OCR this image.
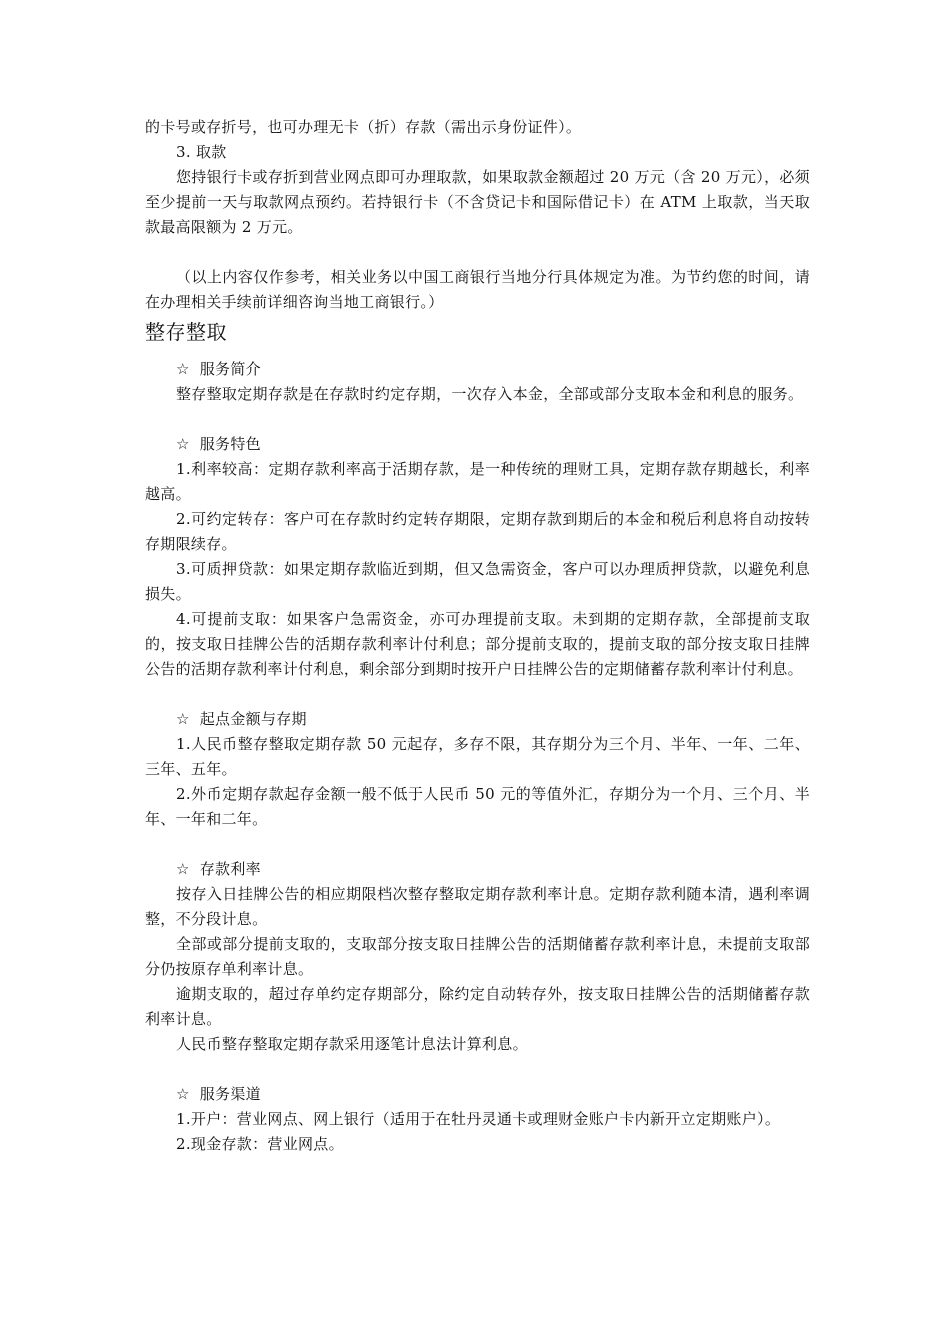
的卡号或存折号，也可办理无卡（折）存款（需出示身份证件）。

3. 取款

您持银行卡或存折到营业网点即可办理取款，如果取款金额超过 20 万元（含 20 万元），必须至少提前一天与取款网点预约。若持银行卡（不含贷记卡和国际借记卡）在 ATM 上取款，当天取款最高限额为 2 万元。

（以上内容仅作参考，相关业务以中国工商银行当地分行具体规定为准。为节约您的时间，请在办理相关手续前详细咨询当地工商银行。）

整存整取

☆ 服务简介

整存整取定期存款是在存款时约定存期，一次存入本金，全部或部分支取本金和利息的服务。

☆ 服务特色

1.利率较高：定期存款利率高于活期存款，是一种传统的理财工具，定期存款存期越长，利率越高。

2.可约定转存：客户可在存款时约定转存期限，定期存款到期后的本金和税后利息将自动按转存期限续存。

3.可质押贷款：如果定期存款临近到期，但又急需资金，客户可以办理质押贷款，以避免利息损失。

4.可提前支取：如果客户急需资金，亦可办理提前支取。未到期的定期存款，全部提前支取的，按支取日挂牌公告的活期存款利率计付利息；部分提前支取的，提前支取的部分按支取日挂牌公告的活期存款利率计付利息，剩余部分到期时按开户日挂牌公告的定期储蓄存款利率计付利息。

☆ 起点金额与存期

1.人民币整存整取定期存款 50 元起存，多存不限，其存期分为三个月、半年、一年、二年、三年、五年。

2.外币定期存款起存金额一般不低于人民币 50 元的等值外汇，存期分为一个月、三个月、半年、一年和二年。

☆ 存款利率

按存入日挂牌公告的相应期限档次整存整取定期存款利率计息。定期存款利随本清，遇利率调整，不分段计息。

全部或部分提前支取的，支取部分按支取日挂牌公告的活期储蓄存款利率计息，未提前支取部分仍按原存单利率计息。

逾期支取的，超过存单约定存期部分，除约定自动转存外，按支取日挂牌公告的活期储蓄存款利率计息。

人民币整存整取定期存款采用逐笔计息法计算利息。

☆ 服务渠道

1.开户：营业网点、网上银行（适用于在牡丹灵通卡或理财金账户卡内新开立定期账户）。

2.现金存款：营业网点。
